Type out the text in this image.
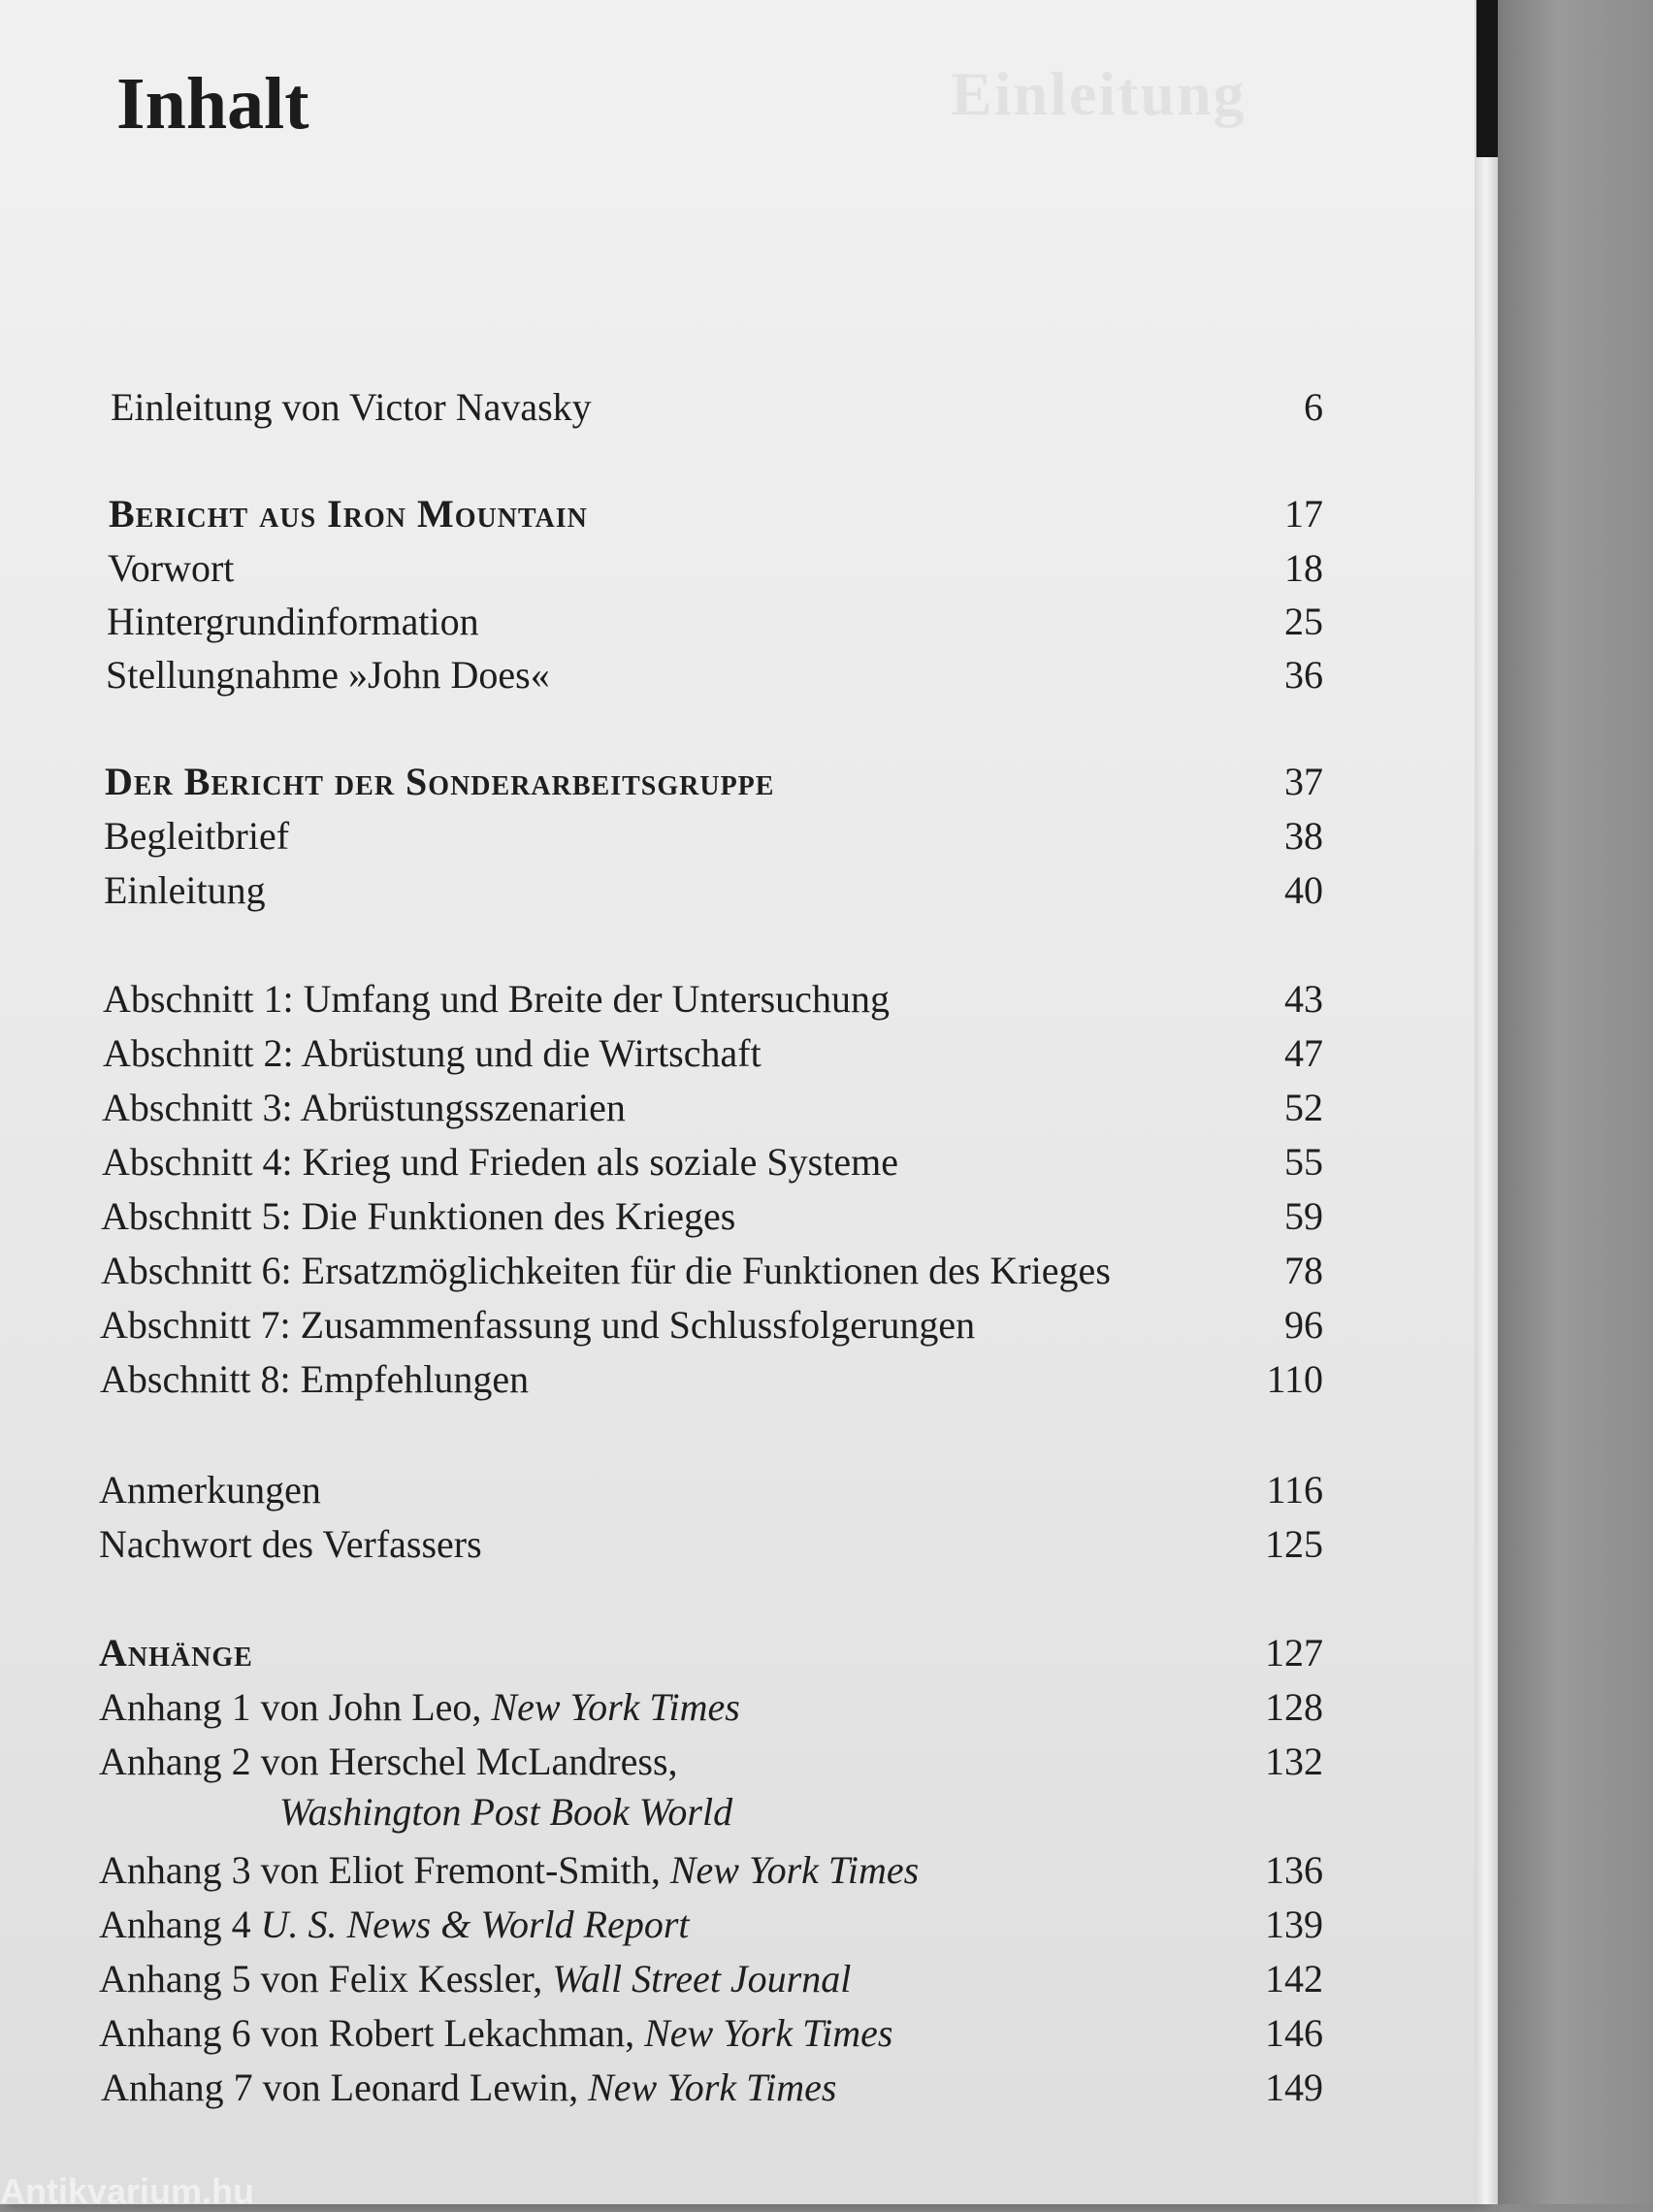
Einleitung
Inhalt
Einleitung von Victor Navasky	6
Bericht aus Iron Mountain	17
Vorwort	18
Hintergrundinformation	25
Stellungnahme »John Does«	36
Der Bericht der Sonderarbeitsgruppe	37
Begleitbrief	38
Einleitung	40
Abschnitt 1: Umfang und Breite der Untersuchung	43
Abschnitt 2: Abrüstung und die Wirtschaft	47
Abschnitt 3: Abrüstungsszenarien	52
Abschnitt 4: Krieg und Frieden als soziale Systeme	55
Abschnitt 5: Die Funktionen des Krieges	59
Abschnitt 6: Ersatzmöglichkeiten für die Funktionen des Krieges	78
Abschnitt 7: Zusammenfassung und Schlussfolgerungen	96
Abschnitt 8: Empfehlungen	110
Anmerkungen	116
Nachwort des Verfassers	125
Anhänge	127
Anhang 1 von John Leo, New York Times	128
Anhang 2 von Herschel McLandress,	132
Washington Post Book World
Anhang 3 von Eliot Fremont-Smith, New York Times	136
Anhang 4 U. S. News & World Report	139
Anhang 5 von Felix Kessler, Wall Street Journal	142
Anhang 6 von Robert Lekachman, New York Times	146
Anhang 7 von Leonard Lewin, New York Times	149
Antikvarium.hu
